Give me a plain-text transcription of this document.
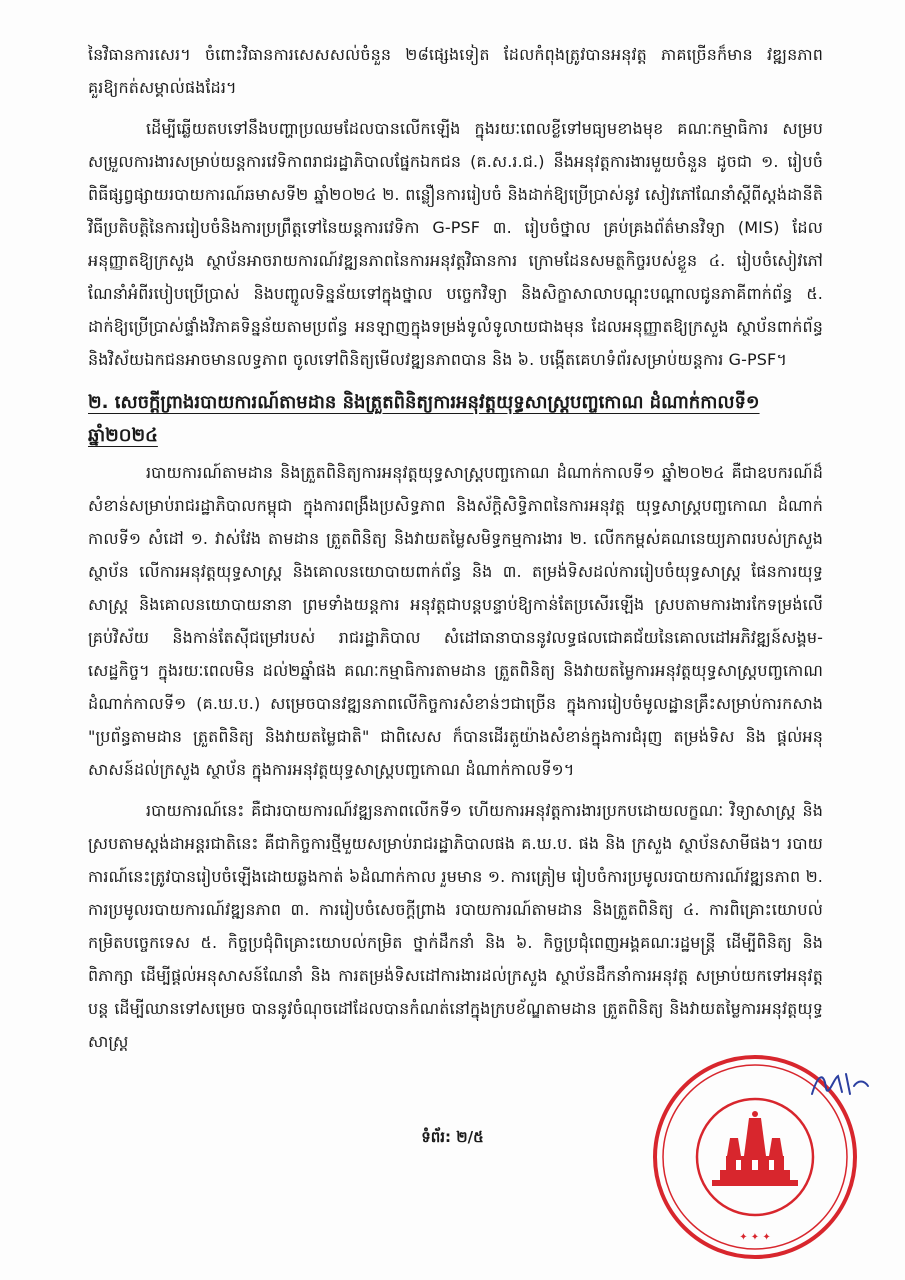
នៃវិធានការសេរ។ ចំពោះវិធានការសេសសល់ចំនួន ២៨ផ្សេងទៀត ដែលកំពុងត្រូវបានអនុវត្ត ភាគច្រើនក៏មាន វឌ្ឍនភាពគួរឱ្យកត់សម្គាល់ផងដែរ។

ដើម្បីឆ្លើយតបទៅនឹងបញ្ហាប្រឈមដែលបានលើកឡើង ក្នុងរយៈពេលខ្លីទៅមធ្យមខាងមុខ គណៈកម្មាធិការ សម្របសម្រួលការងារសម្រាប់យន្តការវេទិកាពរាជរដ្ឋាភិបាលផ្នែកឯកជន (គ.ស.រ.ជ.) នឹងអនុវត្តការងារមួយចំនួន ដូចជា ១. រៀបចំពិធីផ្សព្វផ្សាយរបាយការណ៍ឆមាសទី២ ឆ្នាំ២០២៤ ២. ពន្លឿនការរៀបចំ និងដាក់ឱ្យប្រើប្រាស់នូវ សៀវភៅណែនាំស្តីពីស្តង់ដានីតិវិធីប្រតិបត្តិនៃការរៀបចំនិងការប្រព្រឹត្តទៅនៃយន្តការវេទិកា G-PSF ៣. រៀបចំថ្នាល គ្រប់គ្រងព័ត៌មានវិទ្យា (MIS) ដែលអនុញ្ញាតឱ្យក្រសួង ស្ថាប័នអាចរាយការណ៍វឌ្ឍនភាពនៃការអនុវត្តវិធានការ ក្រោមដែនសមត្ថកិច្ចរបស់ខ្លួន ៤. រៀបចំសៀវភៅណែនាំអំពីរបៀបប្រើប្រាស់ និងបញ្ចូលទិន្នន័យទៅក្នុងថ្នាល បច្ចេកវិទ្យា និងសិក្ខាសាលាបណ្តុះបណ្តាលជូនភាគីពាក់ព័ន្ធ ៥. ដាក់ឱ្យប្រើប្រាស់ផ្ទាំងវិភាគទិន្នន័យតាមប្រព័ន្ធ អនឡាញក្នុងទម្រង់ទូលំទូលាយជាងមុន ដែលអនុញ្ញាតឱ្យក្រសួង ស្ថាប័នពាក់ព័ន្ធ និងវិស័យឯកជនអាចមានលទ្ធភាព ចូលទៅពិនិត្យមើលវឌ្ឍនភាពបាន និង ៦. បង្កើតគេហទំព័រសម្រាប់យន្តការ G-PSF។

២. សេចក្តីព្រាងរបាយការណ៍តាមដាន និងត្រួតពិនិត្យការអនុវត្តយុទ្ធសាស្ត្របញ្ចកោណ ដំណាក់កាលទី១ ឆ្នាំ២០២៤

របាយការណ៍តាមដាន និងត្រួតពិនិត្យការអនុវត្តយុទ្ធសាស្ត្របញ្ចកោណ ដំណាក់កាលទី១ ឆ្នាំ២០២៤ គឺជាឧបករណ៍ដ៏សំខាន់សម្រាប់រាជរដ្ឋាភិបាលកម្ពុជា ក្នុងការពង្រឹងប្រសិទ្ធភាព និងស័ក្តិសិទ្ធិភាពនៃការអនុវត្ត យុទ្ធសាស្ត្របញ្ចកោណ ដំណាក់កាលទី១ សំដៅ ១. វាស់វែង តាមដាន ត្រួតពិនិត្យ និងវាយតម្លៃសមិទ្ធកម្មការងារ ២. លើកកម្ពស់គណនេយ្យភាពរបស់ក្រសួង ស្ថាប័ន លើការអនុវត្តយុទ្ធសាស្ត្រ និងគោលនយោបាយពាក់ព័ន្ធ និង ៣. តម្រង់ទិសដល់ការរៀបចំយុទ្ធសាស្ត្រ ផែនការយុទ្ធសាស្ត្រ និងគោលនយោបាយនានា ព្រមទាំងយន្តការ អនុវត្តជាបន្តបន្ទាប់ឱ្យកាន់តែប្រសើរឡើង ស្របតាមការងារកែទម្រង់លើគ្រប់វិស័យ និងកាន់តែស៊ីជម្រៅរបស់ រាជរដ្ឋាភិបាល សំដៅធានាបាននូវលទ្ធផលជោគជ័យនៃគោលដៅអភិវឌ្ឍន៍សង្គម-សេដ្ឋកិច្ច។ ក្នុងរយៈពេលមិន ដល់២ឆ្នាំផង គណៈកម្មាធិការតាមដាន ត្រួតពិនិត្យ និងវាយតម្លៃការអនុវត្តយុទ្ធសាស្ត្របញ្ចកោណ ដំណាក់កាលទី១ (គ.ឃ.ប.) សម្រេចបានវឌ្ឍនភាពលើកិច្ចការសំខាន់ៗជាច្រើន ក្នុងការរៀបចំមូលដ្ឋានគ្រឹះសម្រាប់ការកសាង "ប្រព័ន្ធតាមដាន ត្រួតពិនិត្យ និងវាយតម្លៃជាតិ" ជាពិសេស ក៏បានដើរតួយ៉ាងសំខាន់ក្នុងការជំរុញ តម្រង់ទិស និង ផ្តល់អនុសាសន៍ដល់ក្រសួង ស្ថាប័ន ក្នុងការអនុវត្តយុទ្ធសាស្ត្របញ្ចកោណ ដំណាក់កាលទី១។

របាយការណ៍នេះ គឺជារបាយការណ៍វឌ្ឍនភាពលើកទី១ ហើយការអនុវត្តការងារប្រកបដោយលក្ខណៈ វិទ្យាសាស្ត្រ និងស្របតាមស្តង់ដាអន្តរជាតិនេះ គឺជាកិច្ចការថ្មីមួយសម្រាប់រាជរដ្ឋាភិបាលផង គ.ឃ.ប. ផង និង ក្រសួង ស្ថាប័នសាមីផង។ របាយការណ៍នេះត្រូវបានរៀបចំឡើងដោយឆ្លងកាត់ ៦ដំណាក់កាល រួមមាន ១. ការត្រៀម រៀបចំការប្រមូលរបាយការណ៍វឌ្ឍនភាព ២. ការប្រមូលរបាយការណ៍វឌ្ឍនភាព ៣. ការរៀបចំសេចក្តីព្រាង របាយការណ៍តាមដាន និងត្រួតពិនិត្យ ៤. ការពិគ្រោះយោបល់កម្រិតបច្ចេកទេស ៥. កិច្ចប្រជុំពិគ្រោះយោបល់កម្រិត ថ្នាក់ដឹកនាំ និង ៦. កិច្ចប្រជុំពេញអង្គគណៈរដ្ឋមន្ត្រី ដើម្បីពិនិត្យ និងពិភាក្សា ដើម្បីផ្តល់អនុសាសន៍ណែនាំ និង ការតម្រង់ទិសដៅការងារដល់ក្រសួង ស្ថាប័នដឹកនាំការអនុវត្ត សម្រាប់យកទៅអនុវត្តបន្ត ដើម្បីឈានទៅសម្រេច បាននូវចំណុចដៅដែលបានកំណត់នៅក្នុងក្របខ័ណ្ឌតាមដាន ត្រួតពិនិត្យ និងវាយតម្លៃការអនុវត្តយុទ្ធសាស្ត្រ

ទំព័រ: ២/៥
✦ ✦ ✦
